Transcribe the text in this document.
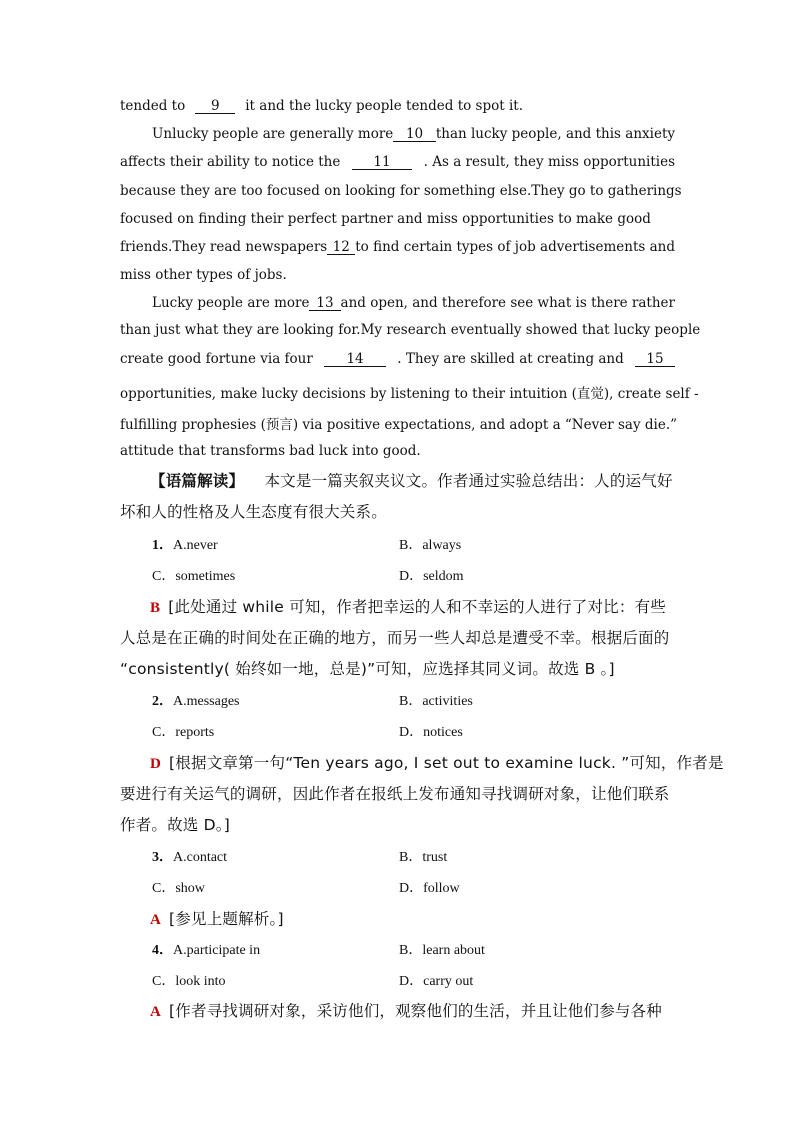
tended to	9	it and the lucky people tended to spot it.
Unlucky people are generally more 10 than lucky people, and this anxiety
affects their ability to notice the	11	. As a result, they miss opportunities
because they are too focused on looking for something else.They go to gatherings
focused on finding their perfect partner and miss opportunities to make good
friends.They read newspapers 12 to find certain types of job advertisements and
miss other types of jobs.
Lucky people are more 13 and open, and therefore see what is there rather
than just what they are looking for.My research eventually showed that lucky people
create good fortune via four	14	. They are skilled at creating and	15
opportunities, make lucky decisions by listening to their intuition (直觉), create self -
fulfilling prophesies (预言) via positive expectations, and adopt a “Never say die.”
attitude that transforms bad luck into good.
【语篇解读】 本文是一篇夹叙夹议文。作者通过实验总结出：人的运气好
坏和人的性格及人生态度有很大关系。
1．A.never	B．always
C．sometimes	D．seldom
B [此处通过 while 可知，作者把幸运的人和不幸运的人进行了对比：有些
人总是在正确的时间处在正确的地方，而另一些人却总是遭受不幸。根据后面的
“consistently( 始终如一地，总是)”可知，应选择其同义词。故选 B 。]
2．A.messages	B．activities
C．reports	D．notices
D [根据文章第一句“Ten years ago, I set out to examine luck. ”可知，作者是
要进行有关运气的调研，因此作者在报纸上发布通知寻找调研对象，让他们联系
作者。故选 D。]
3．A.contact	B．trust
C．show	D．follow
A [参见上题解析。]
4．A.participate in	B．learn about
C．look into	D．carry out
A [作者寻找调研对象，采访他们，观察他们的生活，并且让他们参与各种
